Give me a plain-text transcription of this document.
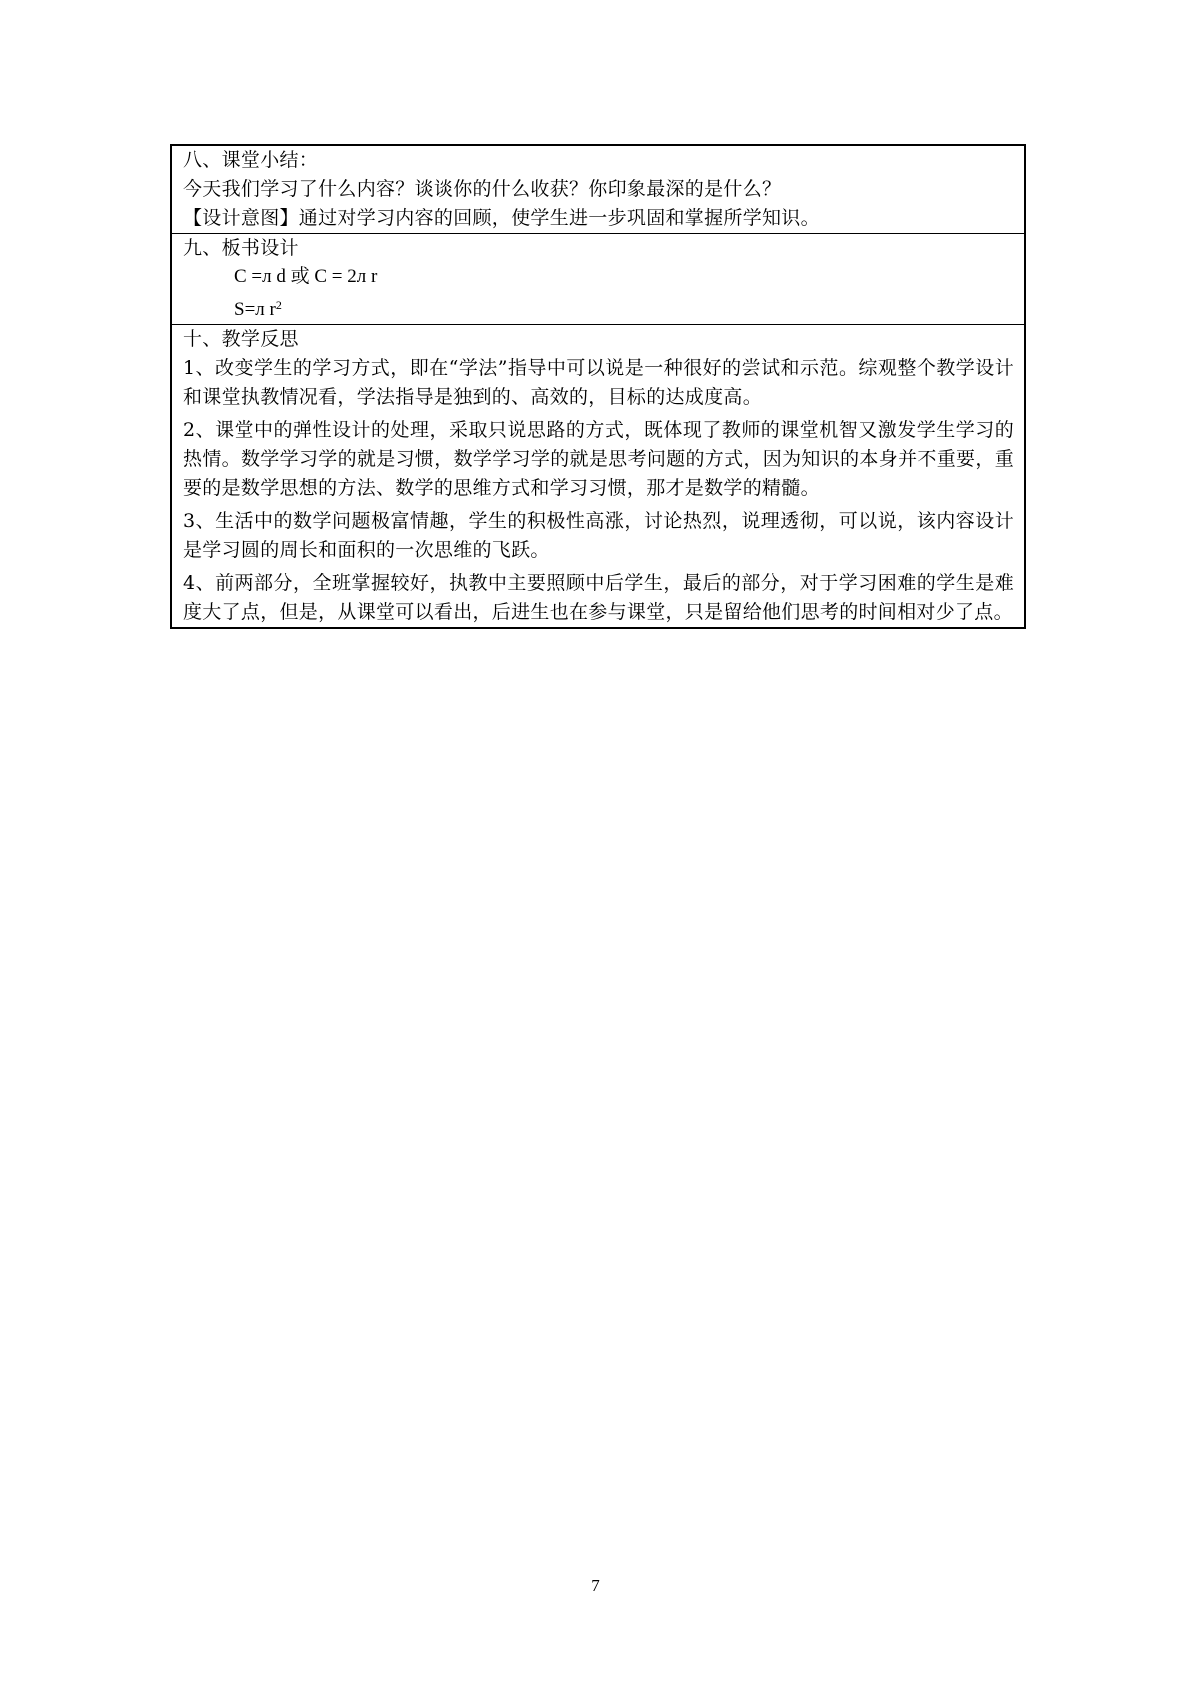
八、课堂小结：
今天我们学习了什么内容？谈谈你的什么收获？你印象最深的是什么？
【设计意图】通过对学习内容的回顾，使学生进一步巩固和掌握所学知识。
九、板书设计
C =л d 或 C = 2л r
S=л $r^2$
十、教学反思
1、改变学生的学习方式，即在“学法”指导中可以说是一种很好的尝试和示范。综观整个教学设计和课堂执教情况看，学法指导是独到的、高效的，目标的达成度高。
2、课堂中的弹性设计的处理，采取只说思路的方式，既体现了教师的课堂机智又激发学生学习的热情。数学学习学的就是习惯，数学学习学的就是思考问题的方式，因为知识的本身并不重要，重要的是数学思想的方法、数学的思维方式和学习习惯，那才是数学的精髓。
3、生活中的数学问题极富情趣，学生的积极性高涨，讨论热烈，说理透彻，可以说，该内容设计是学习圆的周长和面积的一次思维的飞跃。
4、前两部分，全班掌握较好，执教中主要照顾中后学生，最后的部分，对于学习困难的学生是难度大了点，但是，从课堂可以看出，后进生也在参与课堂，只是留给他们思考的时间相对少了点。
7
